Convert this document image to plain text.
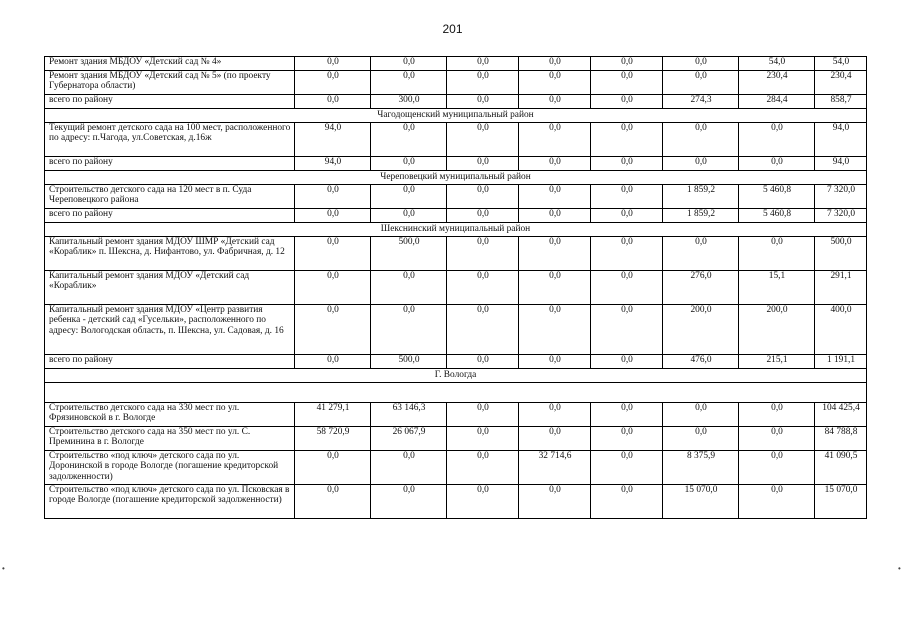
201
Ремонт здания МБДОУ «Детский сад № 4»	0,0	0,0	0,0	0,0	0,0	0,0	54,0	54,0
Ремонт здания МБДОУ «Детский сад № 5» (по проекту Губернатора области)	0,0	0,0	0,0	0,0	0,0	0,0	230,4	230,4
всего по району	0,0	300,0	0,0	0,0	0,0	274,3	284,4	858,7
Чагодощенский муниципальный район								
Текущий ремонт детского сада на 100 мест, расположенного по адресу: п.Чагода, ул.Советская, д.16ж	94,0	0,0	0,0	0,0	0,0	0,0	0,0	94,0
всего по району	94,0	0,0	0,0	0,0	0,0	0,0	0,0	94,0
Череповецкий муниципальный район								
Строительство детского сада на 120 мест в п. Суда Череповецкого района	0,0	0,0	0,0	0,0	0,0	1 859,2	5 460,8	7 320,0
всего по району	0,0	0,0	0,0	0,0	0,0	1 859,2	5 460,8	7 320,0
Шекснинский муниципальный район								
Капитальный ремонт здания МДОУ ШМР «Детский сад «Кораблик» п. Шексна, д. Нифантово, ул. Фабричная, д. 12	0,0	500,0	0,0	0,0	0,0	0,0	0,0	500,0
Капитальный ремонт здания МДОУ «Детский сад «Кораблик»	0,0	0,0	0,0	0,0	0,0	276,0	15,1	291,1
Капитальный ремонт здания МДОУ «Центр развития ребенка - детский сад «Гусельки», расположенного по адресу: Вологодская область, п. Шексна, ул. Садовая, д. 16	0,0	0,0	0,0	0,0	0,0	200,0	200,0	400,0
всего по району	0,0	500,0	0,0	0,0	0,0	476,0	215,1	1 191,1
Г. Вологда								

Строительство детского сада на 330 мест по ул. Фрязиновской в г. Вологде	41 279,1	63 146,3	0,0	0,0	0,0	0,0	0,0	104 425,4
Строительство детского сада на 350 мест по ул. С. Преминина в г. Вологде	58 720,9	26 067,9	0,0	0,0	0,0	0,0	0,0	84 788,8
Строительство «под ключ» детского сада по ул. Доронинской в городе Вологде (погашение кредиторской задолженности)	0,0	0,0	0,0	32 714,6	0,0	8 375,9	0,0	41 090,5
Строительство «под ключ» детского сада по ул. Псковская в городе Вологде (погашение кредиторской задолженности)	0,0	0,0	0,0	0,0	0,0	15 070,0	0,0	15 070,0
•	•
